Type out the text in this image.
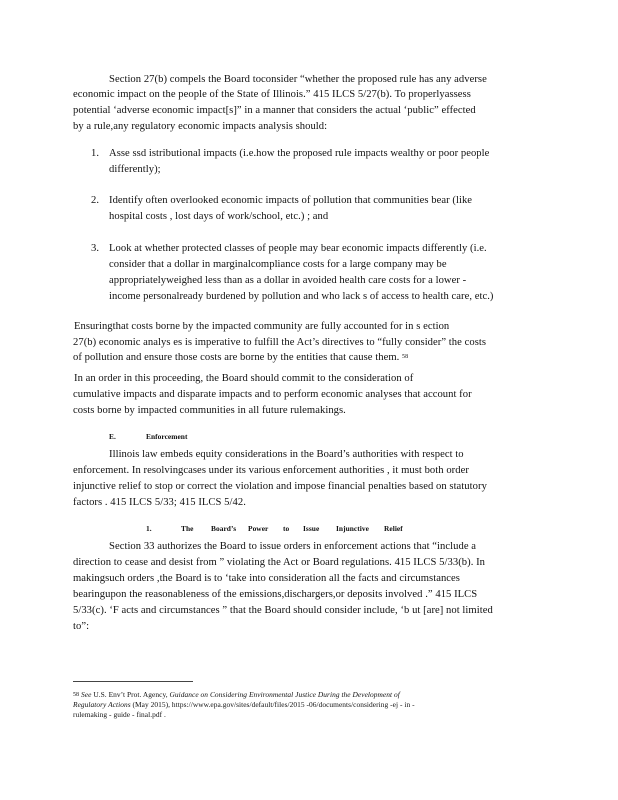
Section 27(b) compels the Board toconsider “whether the proposed rule has any adverse
economic impact on the people of the State of Illinois.” 415 ILCS 5/27(b). To properlyassess
potential ‘adverse economic impact[s]” in a manner that considers the actual ‘public” effected
by a rule,any regulatory economic impacts analysis should:
1. Asse ssd istributional impacts (i.e.how the proposed rule impacts wealthy or poor people
differently);
2. Identify often overlooked economic impacts of pollution that communities bear (like
hospital costs , lost days of work/school, etc.) ; and
3. Look at whether protected classes of people may bear economic impacts differently (i.e.
consider that a dollar in marginalcompliance costs for a large company may be
appropriatelyweighed less than as a dollar in avoided health care costs for a lower -
income personalready burdened by pollution and who lack s of access to health care, etc.)
Ensuringthat costs borne by the impacted community are fully accounted for in s ection
27(b) economic analys es is imperative to fulfill the Act’s directives to “fully consider” the costs
of pollution and ensure those costs are borne by the entities that cause them. $^{58}$
In an order in this proceeding, the Board should commit to the consideration of
cumulative impacts and disparate impacts and to perform economic analyses that account for
costs borne by impacted communities in all future rulemakings.
E.	Enforcement
Illinois law embeds equity considerations in the Board’s authorities with respect to
enforcement. In resolvingcases under its various enforcement authorities , it must both order
injunctive relief to stop or correct the violation and impose financial penalties based on statutory
factors . 415 ILCS 5/33; 415 ILCS 5/42.
1.	The Board’s Power to Issue Injunctive Relief
Section 33 authorizes the Board to issue orders in enforcement actions that “include a
direction to cease and desist from ” violating the Act or Board regulations. 415 ILCS 5/33(b). In
makingsuch orders ,the Board is to ‘take into consideration all the facts and circumstances
bearingupon the reasonableness of the emissions,dischargers,or deposits involved .” 415 ILCS
5/33(c). ‘F acts and circumstances ” that the Board should consider include, ‘b ut [are] not limited
to”:
$^{58}$ See U.S. Env’t Prot. Agency, Guidance on Considering Environmental Justice During the Development of
Regulatory Actions (May 2015), https://www.epa.gov/sites/default/files/2015 -06/documents/considering -ej - in -
rulemaking - guide - final.pdf .
